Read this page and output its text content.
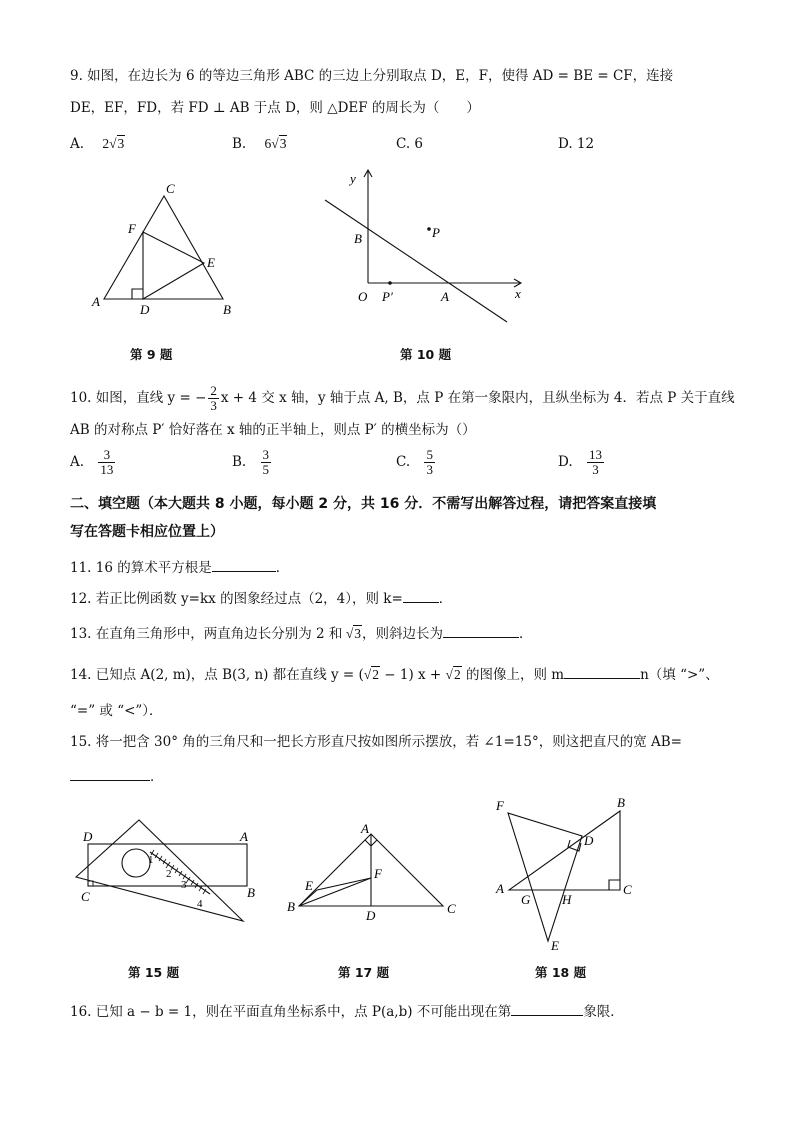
9. 如图，在边长为 6 的等边三角形 ABC 的三边上分别取点 D，E，F，使得 AD = BE = CF，连接
DE，EF，FD，若 FD ⊥ AB 于点 D，则 △DEF 的周长为（　　）
A. 2√3	B. 6√3	C. 6	D. 12
C
F
E
A
D	B
第 9 题
y
B	P
O P′	A	x
第 10 题
10. 如图，直线 y = − $\frac{2}{3}$ x + 4 交 x 轴，y 轴于点 A, B，点 P 在第一象限内，且纵坐标为 4．若点 P 关于直线
AB 的对称点 P′ 恰好落在 x 轴的正半轴上，则点 P′ 的横坐标为（）
A. $\frac{3}{13}$	B. $\frac{3}{5}$	C. $\frac{5}{3}$	D. $\frac{13}{3}$
二、填空题（本大题共 8 小题，每小题 2 分，共 16 分．不需写出解答过程，请把答案直接填
写在答题卡相应位置上）
11. 16 的算术平方根是	．
12. 若正比例函数 y=kx 的图象经过点（2，4），则 k=	．
13. 在直角三角形中，两直角边长分别为 2 和 √3，则斜边长为	．
14. 已知点 A(2, m)，点 B(3, n) 都在直线 y = (√2 − 1) x + √2 的图像上，则 m	n（填 “>”、
“=” 或 “<”）．
15. 将一把含 30° 角的三角尺和一把长方形直尺按如图所示摆放，若 ∠1=15°，则这把直尺的宽 AB=
．
D	A
C	B
1
2
3
4
第 15 题
A
E
F
B
D	C
第 17 题
F	B
D
A
G H
C
E
第 18 题
16. 已知 a − b = 1，则在平面直角坐标系中，点 P(a,b) 不可能出现在第	象限．
